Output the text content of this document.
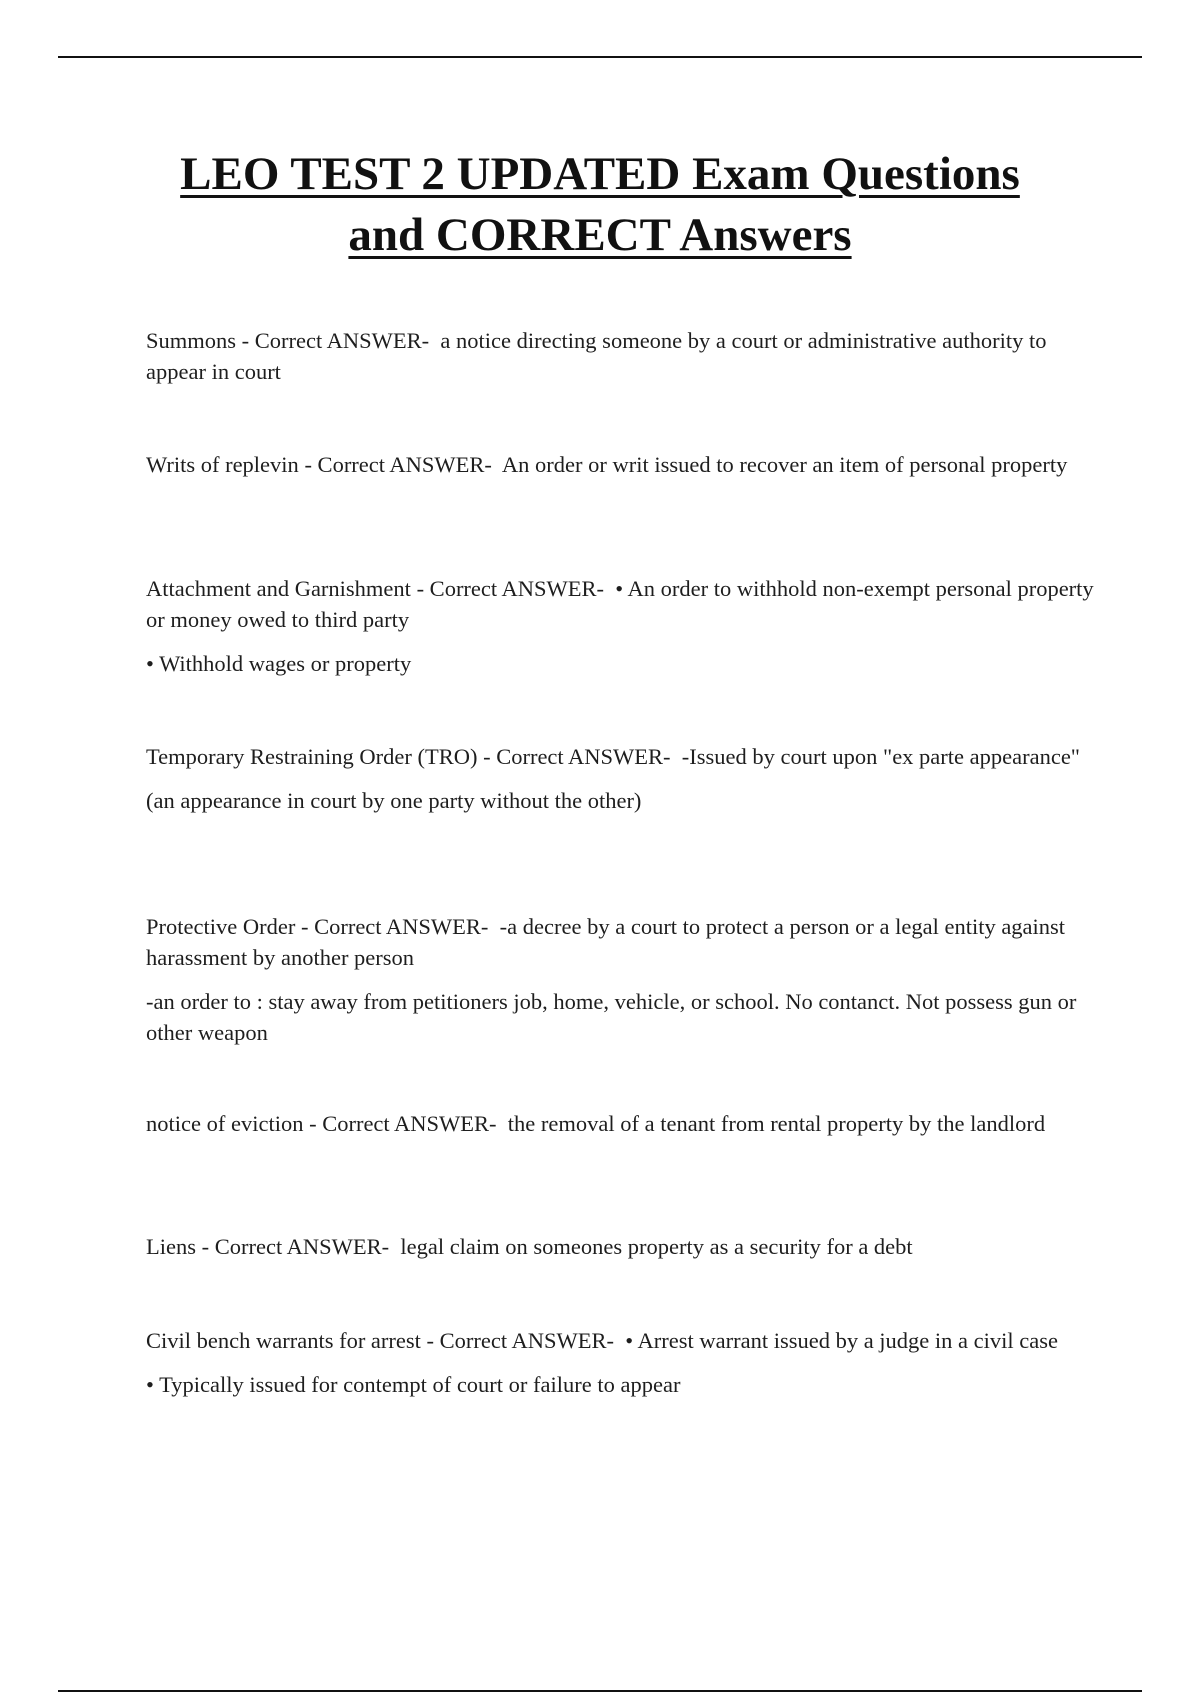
LEO TEST 2 UPDATED Exam Questions
and CORRECT Answers

Summons - Correct ANSWER-  a notice directing someone by a court or administrative authority to appear in court

Writs of replevin - Correct ANSWER-  An order or writ issued to recover an item of personal property

Attachment and Garnishment - Correct ANSWER-  • An order to withhold non-exempt personal property or money owed to third party

• Withhold wages or property

Temporary Restraining Order (TRO) - Correct ANSWER-  -Issued by court upon "ex parte appearance"

(an appearance in court by one party without the other)

Protective Order - Correct ANSWER-  -a decree by a court to protect a person or a legal entity against harassment by another person

-an order to : stay away from petitioners job, home, vehicle, or school. No contanct. Not possess gun or other weapon

notice of eviction - Correct ANSWER-  the removal of a tenant from rental property by the landlord

Liens - Correct ANSWER-  legal claim on someones property as a security for a debt

Civil bench warrants for arrest - Correct ANSWER-  • Arrest warrant issued by a judge in a civil case

• Typically issued for contempt of court or failure to appear
